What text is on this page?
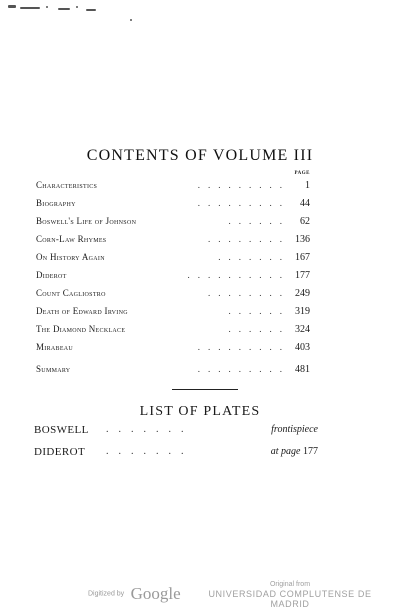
CONTENTS OF VOLUME III
PAGE
Characteristics	......... 1
Biography	......... 44
Boswell's Life of Johnson	...... 62
Corn-Law Rhymes	........ 136
On History Again	....... 167
Diderot	.......... 177
Count Cagliostro	........ 249
Death of Edward Irving	...... 319
The Diamond Necklace	...... 324
Mirabeau	......... 403
Summary	......... 481
LIST OF PLATES
BOSWELL .......	frontispiece
DIDEROT .......	at page 177
Digitized by Google	Original from
UNIVERSIDAD COMPLUTENSE DE MADRID
